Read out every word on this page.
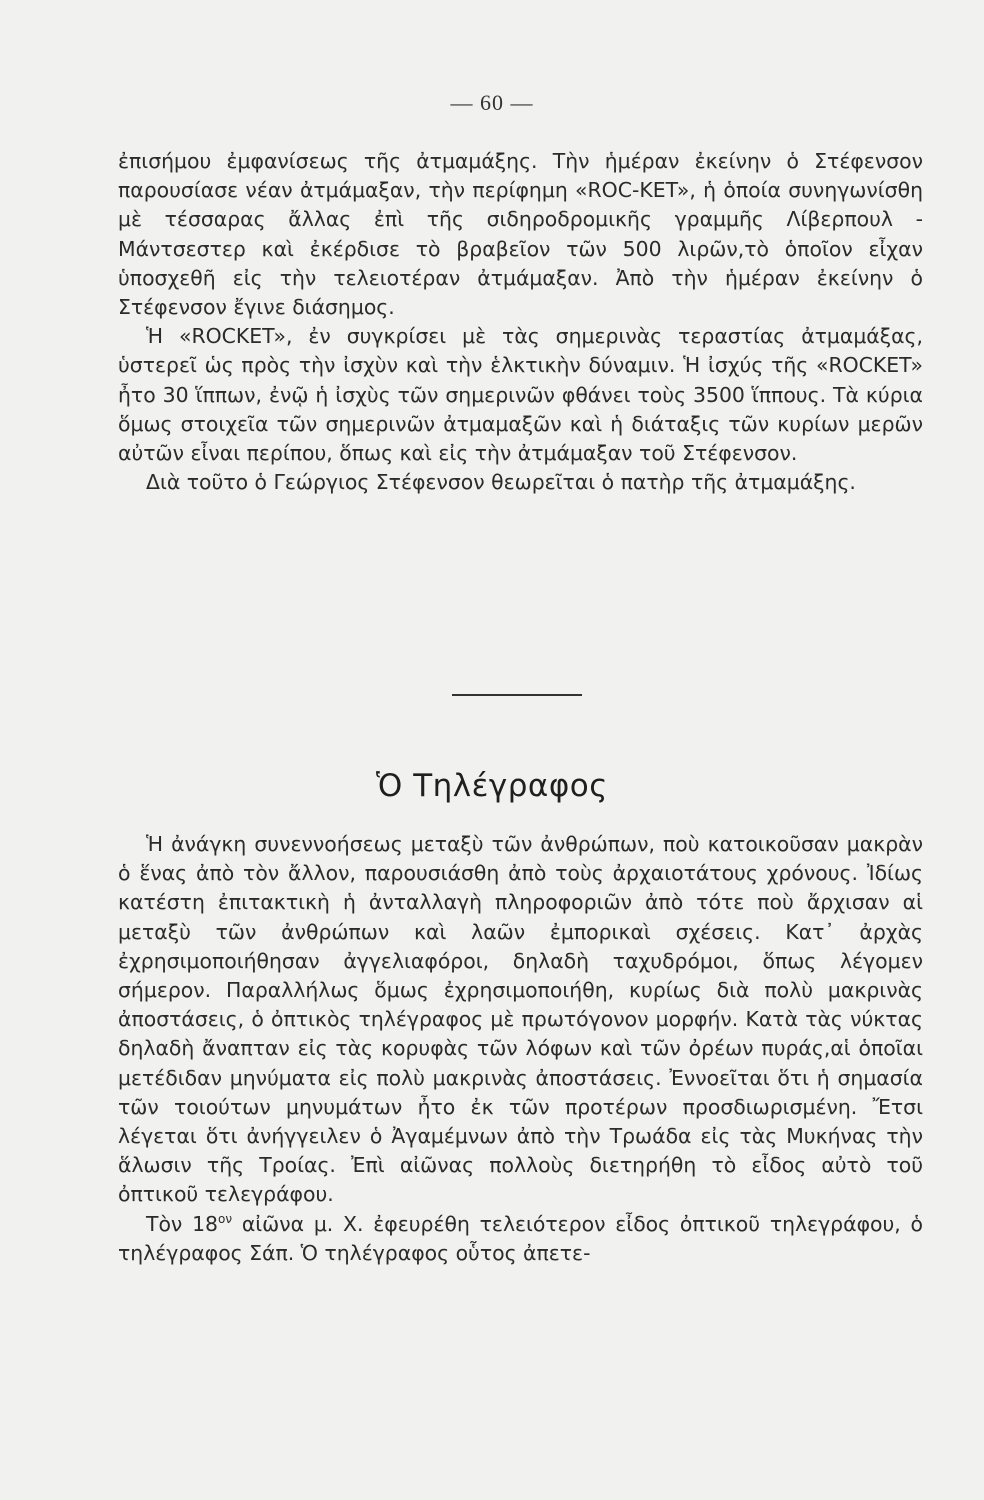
— 60 —

ἐπισήμου ἐμφανίσεως τῆς ἀτμαμάξης. Τὴν ἡμέραν ἐκείνην ὁ Στέφενσον παρουσίασε νέαν ἀτμάμαξαν, τὴν περίφημη «ROC-KET», ἡ ὁποία συνηγωνίσθη μὲ τέσσαρας ἄλλας ἐπὶ τῆς σιδηροδρομικῆς γραμμῆς Λίβερπουλ - Μάντσεστερ καὶ ἐκέρδισε τὸ βραβεῖον τῶν 500 λιρῶν,τὸ ὁποῖον εἶχαν ὑποσχεθῆ εἰς τὴν τελειοτέραν ἀτμάμαξαν. Ἀπὸ τὴν ἡμέραν ἐκείνην ὁ Στέφενσον ἔγινε διάσημος.

Ἡ «ROCKET», ἐν συγκρίσει μὲ τὰς σημερινὰς τεραστίας ἀτμαμάξας, ὑστερεῖ ὡς πρὸς τὴν ἰσχὺν καὶ τὴν ἑλκτικὴν δύναμιν. Ἡ ἰσχύς τῆς «ROCKET» ἦτο 30 ἵππων, ἐνῷ ἡ ἰσχὺς τῶν σημερινῶν φθάνει τοὺς 3500 ἵππους. Τὰ κύρια ὅμως στοιχεῖα τῶν σημερινῶν ἀτμαμαξῶν καὶ ἡ διάταξις τῶν κυρίων μερῶν αὐτῶν εἶναι περίπου, ὅπως καὶ εἰς τὴν ἀτμάμαξαν τοῦ Στέφενσον.

Διὰ τοῦτο ὁ Γεώργιος Στέφενσον θεωρεῖται ὁ πατὴρ τῆς ἀτμαμάξης.

Ὁ Τηλέγραφος

Ἡ ἀνάγκη συνεννοήσεως μεταξὺ τῶν ἀνθρώπων, ποὺ κατοικοῦσαν μακρὰν ὁ ἕνας ἀπὸ τὸν ἄλλον, παρουσιάσθη ἀπὸ τοὺς ἀρχαιοτάτους χρόνους. Ἰδίως κατέστη ἐπιτακτικὴ ἡ ἀνταλλαγὴ πληροφοριῶν ἀπὸ τότε ποὺ ἄρχισαν αἱ μεταξὺ τῶν ἀνθρώπων καὶ λαῶν ἐμπορικαὶ σχέσεις. Κατ᾿ ἀρχὰς ἐχρησιμοποιήθησαν ἀγγελιαφόροι, δηλαδὴ ταχυδρόμοι, ὅπως λέγομεν σήμερον. Παραλλήλως ὅμως ἐχρησιμοποιήθη, κυρίως διὰ πολὺ μακρινὰς ἀποστάσεις, ὁ ὀπτικὸς τηλέγραφος μὲ πρωτόγονον μορφήν. Κατὰ τὰς νύκτας δηλαδὴ ἄναπταν εἰς τὰς κορυφὰς τῶν λόφων καὶ τῶν ὀρέων πυράς,αἱ ὁποῖαι μετέδιδαν μηνύματα εἰς πολὺ μακρινὰς ἀποστάσεις. Ἐννοεῖται ὅτι ἡ σημασία τῶν τοιούτων μηνυμάτων ἦτο ἐκ τῶν προτέρων προσδιωρισμένη. Ἔτσι λέγεται ὅτι ἀνήγγειλεν ὁ Ἀγαμέμνων ἀπὸ τὴν Τρωάδα εἰς τὰς Μυκήνας τὴν ἅλωσιν τῆς Τροίας. Ἐπὶ αἰῶνας πολλοὺς διετηρήθη τὸ εἶδος αὐτὸ τοῦ ὀπτικοῦ τελεγράφου.

Τὸν $18^{o\nu}$ αἰῶνα μ. Χ. ἐφευρέθη τελειότερον εἶδος ὀπτικοῦ τηλεγράφου, ὁ τηλέγραφος Σάπ. Ὁ τηλέγραφος οὗτος ἀπετε-
